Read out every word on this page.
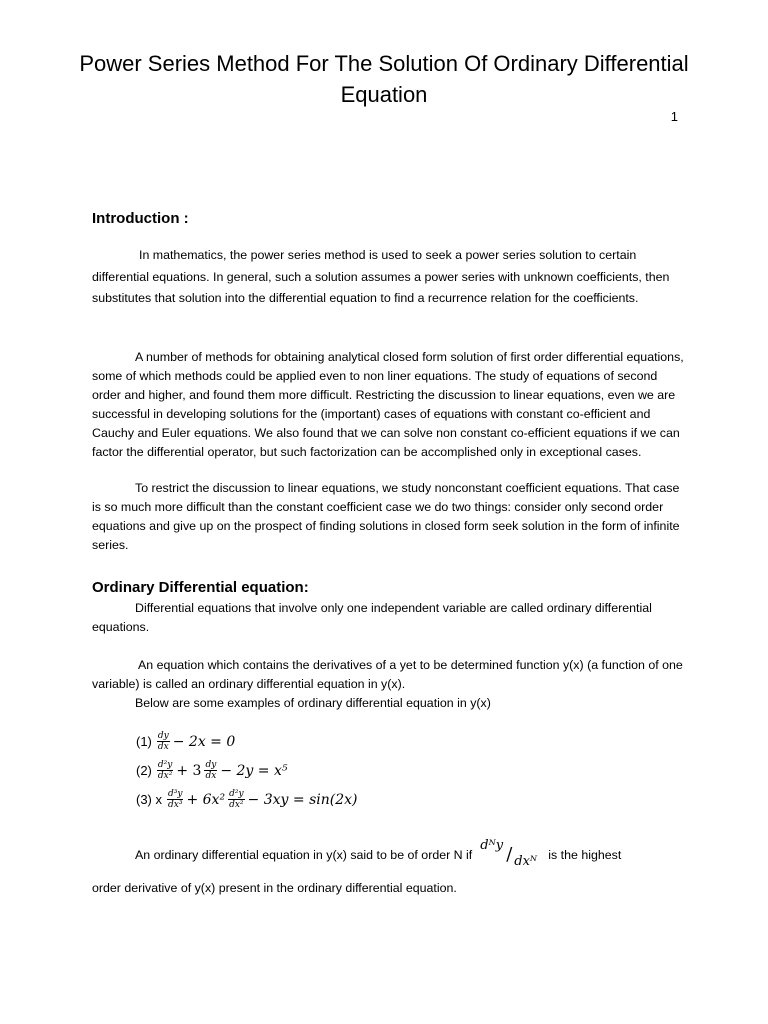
Power Series Method For The Solution Of Ordinary Differential Equation
1
Introduction :

In mathematics, the power series method is used to seek a power series solution to certain differential equations. In general, such a solution assumes a power series with unknown coefficients, then substitutes that solution into the differential equation to find a recurrence relation for the coefficients.

A number of methods for obtaining analytical closed form solution of first order differential equations, some of which methods could be applied even to non liner equations. The study of equations of second order and higher, and found them more difficult. Restricting the discussion to linear equations, even we are successful in developing solutions for the (important) cases of equations with constant co-efficient and Cauchy and Euler equations. We also found that we can solve non constant co-efficient equations if we can factor the differential operator, but such factorization can be accomplished only in exceptional cases.

To restrict the discussion to linear equations, we study nonconstant coefficient equations. That case is so much more difficult than the constant coefficient case we do two things: consider only second order equations and give up on the prospect of finding solutions in closed form seek solution in the form of infinite series.

Ordinary Differential equation:

Differential equations that involve only one independent variable are called ordinary differential equations.

An equation which contains the derivatives of a yet to be determined function y(x) (a function of one variable) is called an ordinary differential equation in y(x).

Below are some examples of ordinary differential equation in y(x)

$(1) \frac{dy}{dx} - 2x = 0$
$(2) \frac{\text{d²y}}{\text{dx²}} + 3 \frac{dy}{dx} - 2y = x^5$
(3) x $\frac{\text{d³y}}{\text{dx³}} + 6x^2 \frac{\text{d²y}}{\text{dx²}} - 3xy = \sin(2x)$
An ordinary differential equation in y(x) said to be of order N if
dᴺy / dxᴺ is the highest

order derivative of y(x) present in the ordinary differential equation.
